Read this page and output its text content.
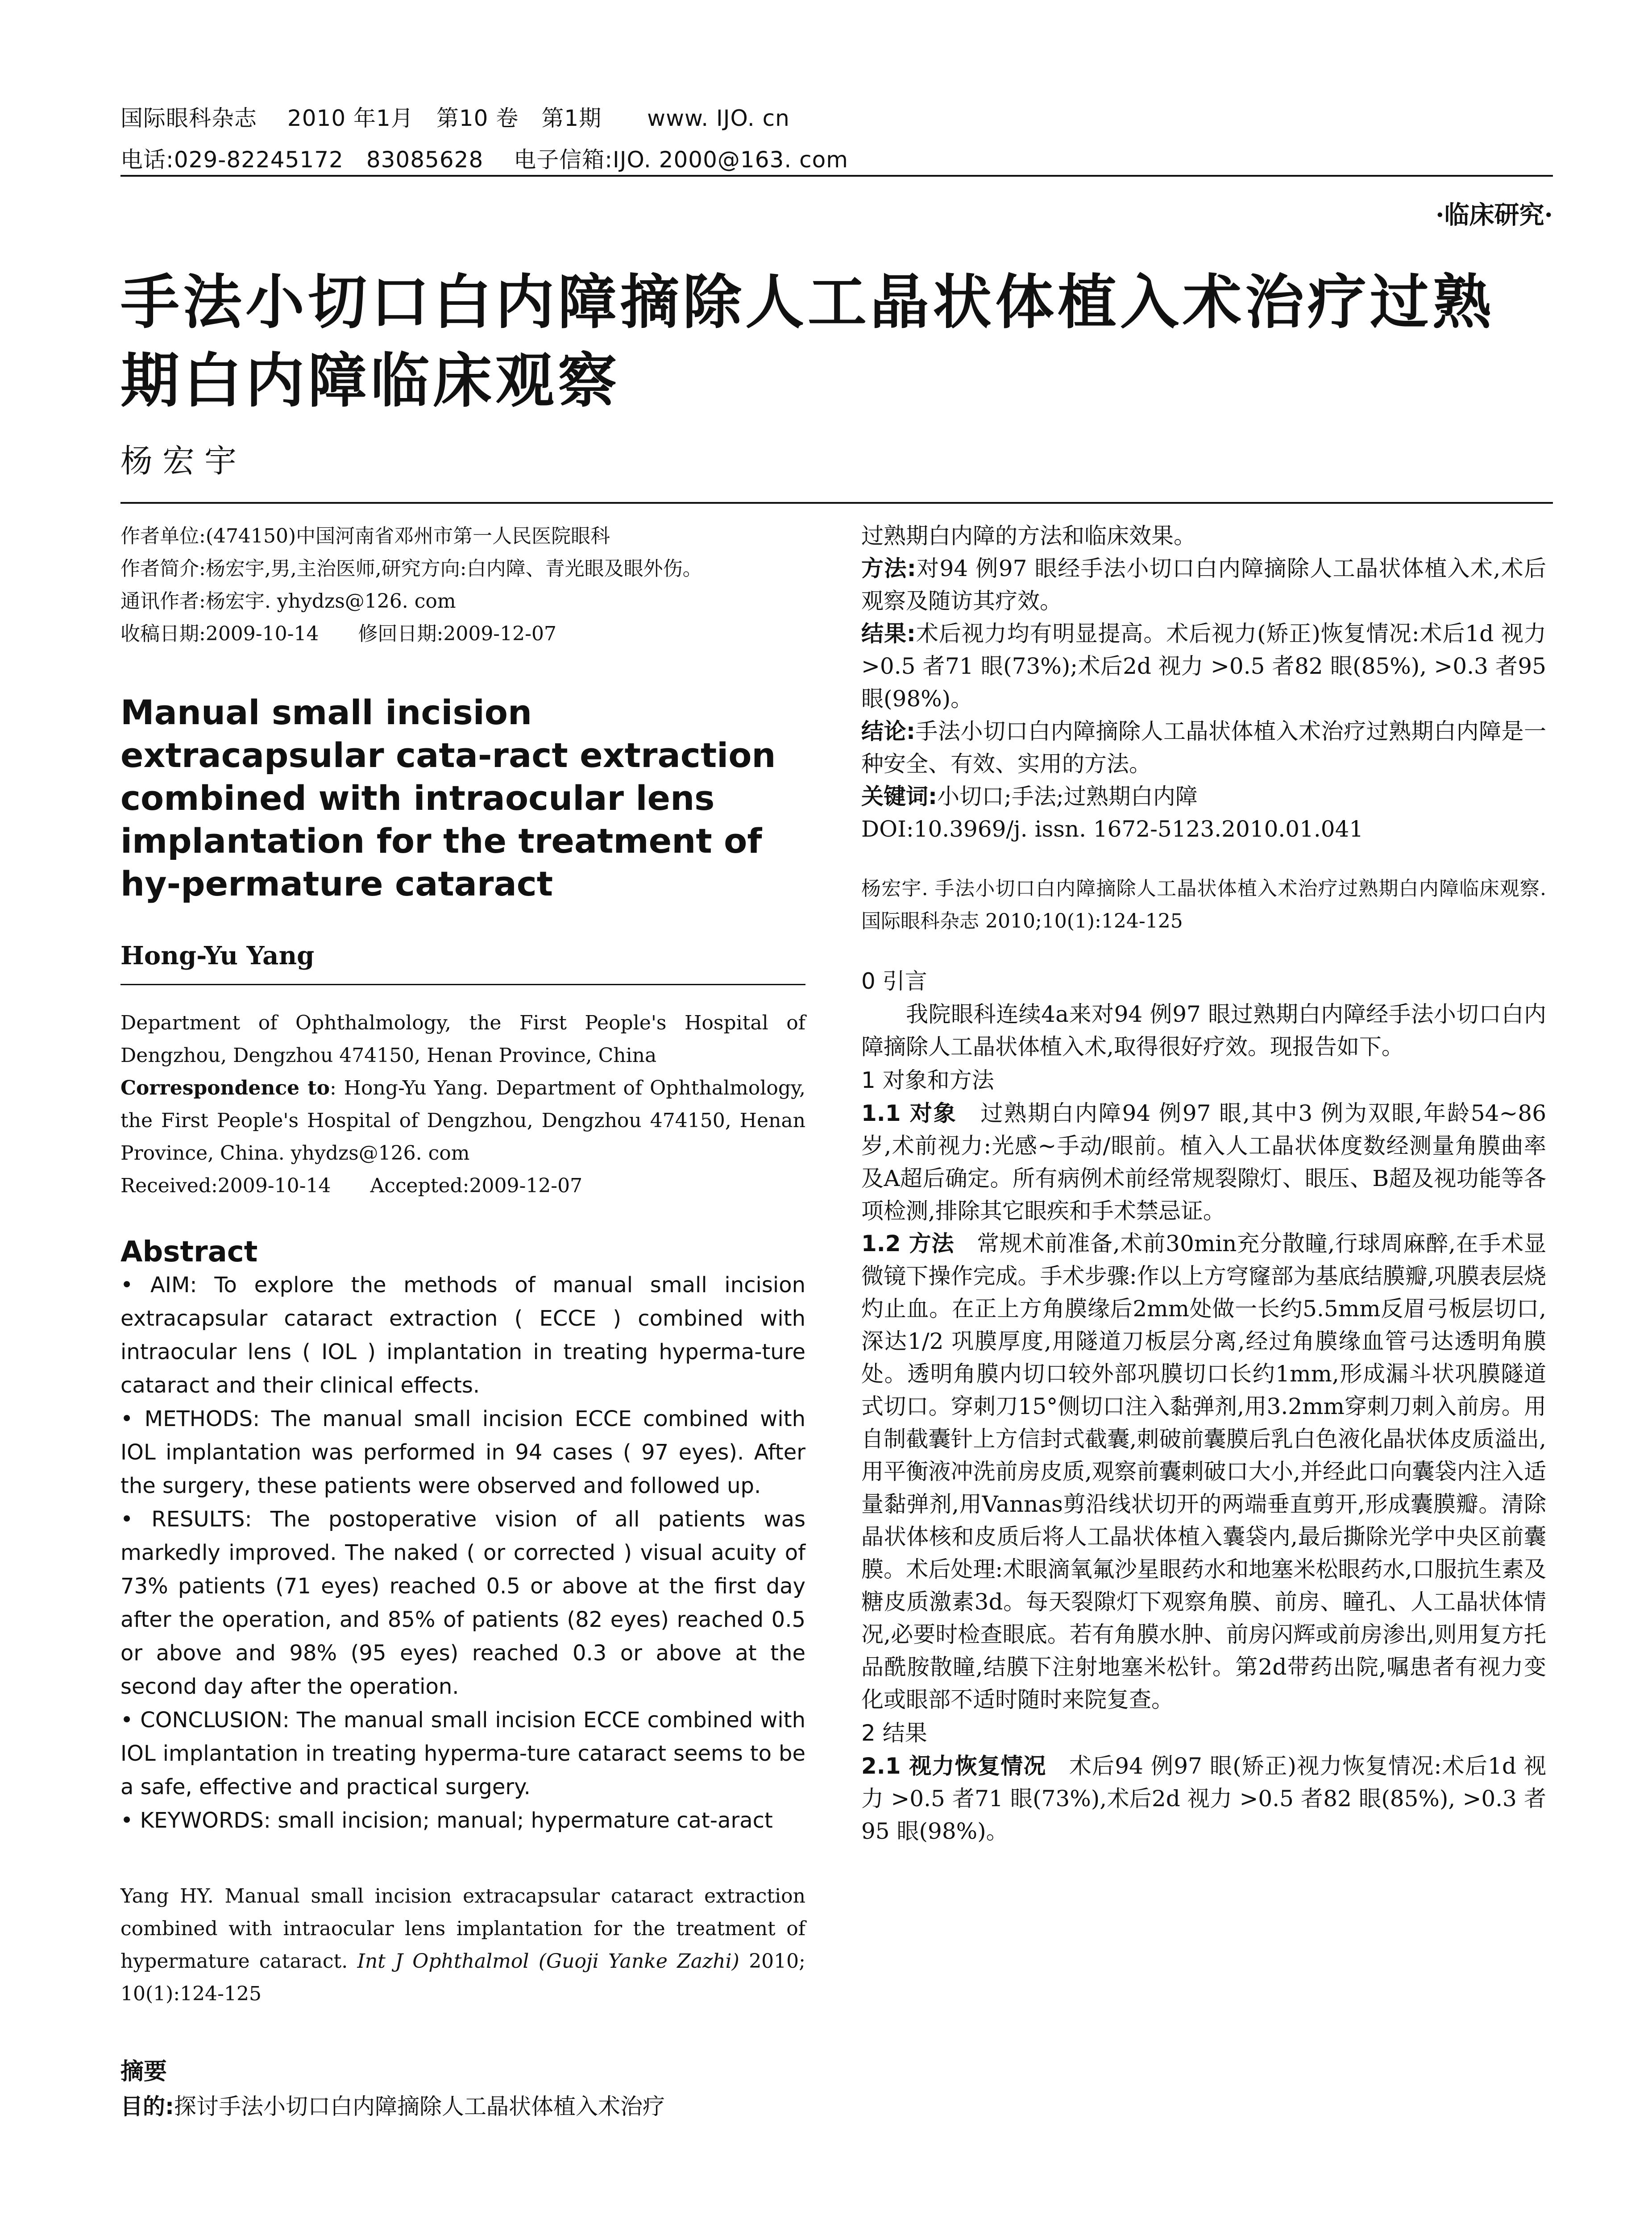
国际眼科杂志　 2010 年1月　第10 卷　第1期　　www. IJO. cn
电话:029-82245172　83085628　 电子信箱:IJO. 2000@163. com
·临床研究·
手法小切口白内障摘除人工晶状体植入术治疗过熟期白内障临床观察
杨宏宇

作者单位:(474150)中国河南省邓州市第一人民医院眼科

作者简介:杨宏宇,男,主治医师,研究方向:白内障、青光眼及眼外伤。

通讯作者:杨宏宇. yhydzs@126. com

收稿日期:2009-10-14　　修回日期:2009-12-07

Manual small incision extracapsular cata-ract extraction combined with intraocular lens implantation for the treatment of hy-permature cataract
Hong-Yu Yang

Department of Ophthalmology, the First People's Hospital of Dengzhou, Dengzhou 474150, Henan Province, China

Correspondence to: Hong-Yu Yang. Department of Ophthalmology, the First People's Hospital of Dengzhou, Dengzhou 474150, Henan Province, China. yhydzs@126. com

Received:2009-10-14　　Accepted:2009-12-07

Abstract

• AIM: To explore the methods of manual small incision extracapsular cataract extraction ( ECCE ) combined with intraocular lens ( IOL ) implantation in treating hyperma-ture cataract and their clinical effects.

• METHODS: The manual small incision ECCE combined with IOL implantation was performed in 94 cases ( 97 eyes). After the surgery, these patients were observed and followed up.

• RESULTS: The postoperative vision of all patients was markedly improved. The naked ( or corrected ) visual acuity of 73% patients (71 eyes) reached 0.5 or above at the first day after the operation, and 85% of patients (82 eyes) reached 0.5 or above and 98% (95 eyes) reached 0.3 or above at the second day after the operation.

• CONCLUSION: The manual small incision ECCE combined with IOL implantation in treating hyperma-ture cataract seems to be a safe, effective and practical surgery.

• KEYWORDS: small incision; manual; hypermature cat-aract

Yang HY. Manual small incision extracapsular cataract extraction combined with intraocular lens implantation for the treatment of hypermature cataract. Int J Ophthalmol (Guoji Yanke Zazhi) 2010; 10(1):124-125

摘要

目的:探讨手法小切口白内障摘除人工晶状体植入术治疗

过熟期白内障的方法和临床效果。

方法:对94 例97 眼经手法小切口白内障摘除人工晶状体植入术,术后观察及随访其疗效。

结果:术后视力均有明显提高。术后视力(矫正)恢复情况:术后1d 视力 >0.5 者71 眼(73%);术后2d 视力 >0.5 者82 眼(85%), >0.3 者95 眼(98%)。

结论:手法小切口白内障摘除人工晶状体植入术治疗过熟期白内障是一种安全、有效、实用的方法。

关键词:小切口;手法;过熟期白内障

DOI:10.3969/j. issn. 1672-5123.2010.01.041

杨宏宇. 手法小切口白内障摘除人工晶状体植入术治疗过熟期白内障临床观察. 国际眼科杂志 2010;10(1):124-125

0 引言

我院眼科连续4a来对94 例97 眼过熟期白内障经手法小切口白内障摘除人工晶状体植入术,取得很好疗效。现报告如下。

1 对象和方法

1.1 对象　 过熟期白内障94 例97 眼,其中3 例为双眼,年龄54~86 岁,术前视力:光感~手动/眼前。植入人工晶状体度数经测量角膜曲率及A超后确定。所有病例术前经常规裂隙灯、眼压、B超及视功能等各项检测,排除其它眼疾和手术禁忌证。

1.2 方法　 常规术前准备,术前30min充分散瞳,行球周麻醉,在手术显微镜下操作完成。手术步骤:作以上方穹窿部为基底结膜瓣,巩膜表层烧灼止血。在正上方角膜缘后2mm处做一长约5.5mm反眉弓板层切口,深达1/2 巩膜厚度,用隧道刀板层分离,经过角膜缘血管弓达透明角膜处。透明角膜内切口较外部巩膜切口长约1mm,形成漏斗状巩膜隧道式切口。穿刺刀15°侧切口注入黏弹剂,用3.2mm穿刺刀刺入前房。用自制截囊针上方信封式截囊,刺破前囊膜后乳白色液化晶状体皮质溢出,用平衡液冲洗前房皮质,观察前囊刺破口大小,并经此口向囊袋内注入适量黏弹剂,用Vannas剪沿线状切开的两端垂直剪开,形成囊膜瓣。清除晶状体核和皮质后将人工晶状体植入囊袋内,最后撕除光学中央区前囊膜。术后处理:术眼滴氧氟沙星眼药水和地塞米松眼药水,口服抗生素及糖皮质激素3d。每天裂隙灯下观察角膜、前房、瞳孔、人工晶状体情况,必要时检查眼底。若有角膜水肿、前房闪辉或前房渗出,则用复方托品酰胺散瞳,结膜下注射地塞米松针。第2d带药出院,嘱患者有视力变化或眼部不适时随时来院复查。

2 结果

2.1 视力恢复情况　 术后94 例97 眼(矫正)视力恢复情况:术后1d 视力 >0.5 者71 眼(73%),术后2d 视力 >0.5 者82 眼(85%), >0.3 者95 眼(98%)。
